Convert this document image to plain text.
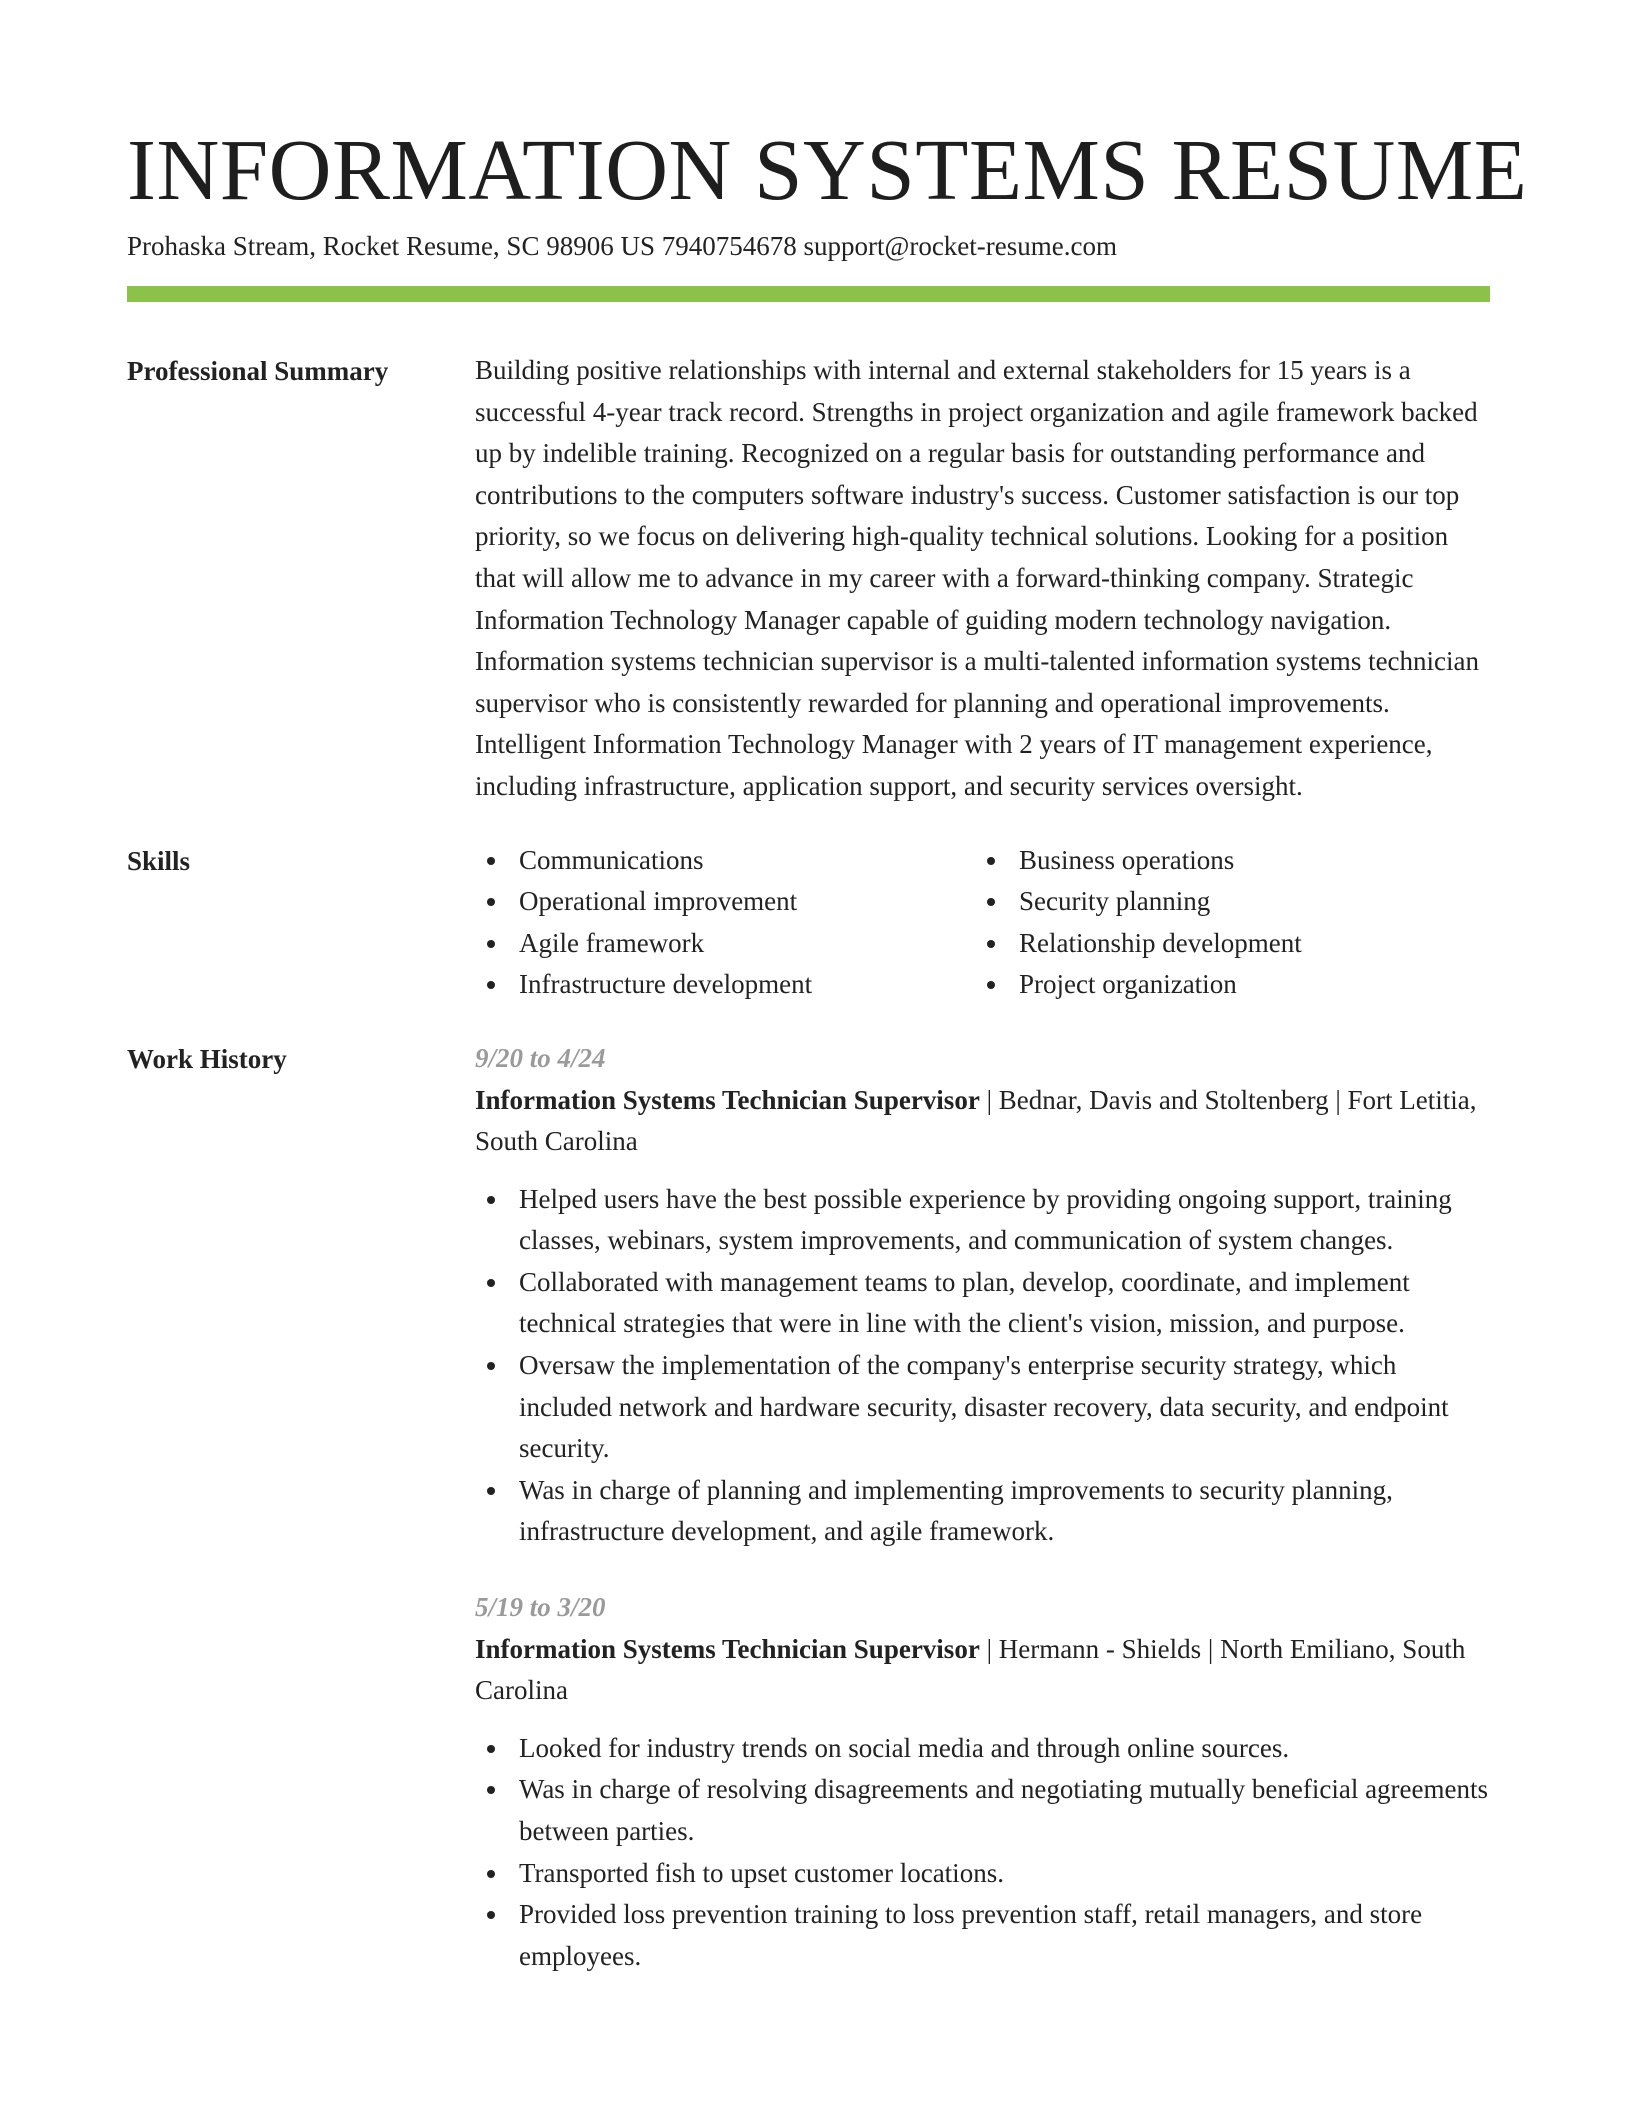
INFORMATION SYSTEMS RESUME
Prohaska Stream, Rocket Resume, SC 98906 US 7940754678 support@rocket-resume.com
Professional Summary	Building positive relationships with internal and external stakeholders for 15 years is a successful 4-year track record. Strengths in project organization and agile framework backed up by indelible training. Recognized on a regular basis for outstanding performance and contributions to the computers software industry's success. Customer satisfaction is our top priority, so we focus on delivering high-quality technical solutions. Looking for a position that will allow me to advance in my career with a forward-thinking company. Strategic Information Technology Manager capable of guiding modern technology navigation. Information systems technician supervisor is a multi-talented information systems technician supervisor who is consistently rewarded for planning and operational improvements. Intelligent Information Technology Manager with 2 years of IT management experience, including infrastructure, application support, and security services oversight.

Skills	Communications
Operational improvement
Agile framework
Infrastructure development
Business operations
Security planning
Relationship development
Project organization
Work History	9/20 to 4/24
Information Systems Technician Supervisor | Bednar, Davis and Stoltenberg | Fort Letitia, South Carolina
Helped users have the best possible experience by providing ongoing support, training classes, webinars, system improvements, and communication of system changes.
Collaborated with management teams to plan, develop, coordinate, and implement technical strategies that were in line with the client's vision, mission, and purpose.
Oversaw the implementation of the company's enterprise security strategy, which included network and hardware security, disaster recovery, data security, and endpoint security.
Was in charge of planning and implementing improvements to security planning, infrastructure development, and agile framework.
5/19 to 3/20
Information Systems Technician Supervisor | Hermann - Shields | North Emiliano, South Carolina
Looked for industry trends on social media and through online sources.
Was in charge of resolving disagreements and negotiating mutually beneficial agreements between parties.
Transported fish to upset customer locations.
Provided loss prevention training to loss prevention staff, retail managers, and store employees.
